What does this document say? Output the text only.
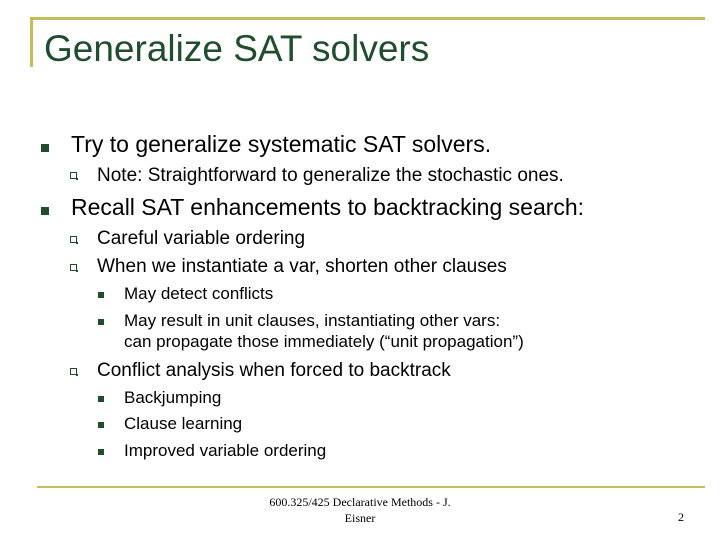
Generalize SAT solvers
Try to generalize systematic SAT solvers.
Note: Straightforward to generalize the stochastic ones.
Recall SAT enhancements to backtracking search:
Careful variable ordering
When we instantiate a var, shorten other clauses
May detect conflicts
May result in unit clauses, instantiating other vars:
can propagate those immediately (“unit propagation”)
Conflict analysis when forced to backtrack
Backjumping
Clause learning
Improved variable ordering
600.325/425 Declarative Methods - J.
Eisner	2
